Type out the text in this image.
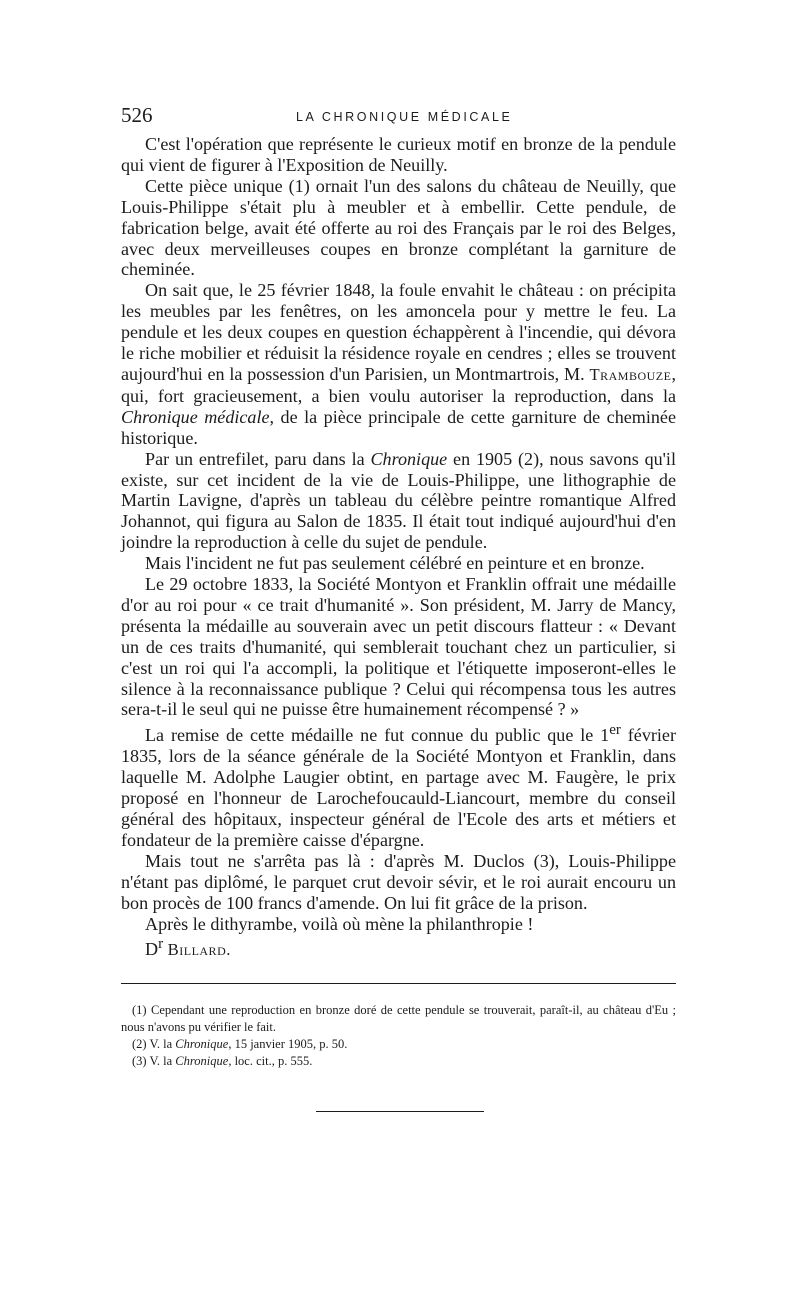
526	LA CHRONIQUE MÉDICALE

C'est l'opération que représente le curieux motif en bronze de la pendule qui vient de figurer à l'Exposition de Neuilly.

Cette pièce unique (1) ornait l'un des salons du château de Neuilly, que Louis-Philippe s'était plu à meubler et à embellir. Cette pendule, de fabrication belge, avait été offerte au roi des Français par le roi des Belges, avec deux merveilleuses coupes en bronze complétant la garniture de cheminée.

On sait que, le 25 février 1848, la foule envahit le château : on précipita les meubles par les fenêtres, on les amoncela pour y mettre le feu. La pendule et les deux coupes en question échappèrent à l'incendie, qui dévora le riche mobilier et réduisit la résidence royale en cendres ; elles se trouvent aujourd'hui en la possession d'un Parisien, un Montmartrois, M. Trambouze, qui, fort gracieusement, a bien voulu autoriser la reproduction, dans la Chronique médicale, de la pièce principale de cette garniture de cheminée historique.

Par un entrefilet, paru dans la Chronique en 1905 (2), nous savons qu'il existe, sur cet incident de la vie de Louis-Philippe, une lithographie de Martin Lavigne, d'après un tableau du célèbre peintre romantique Alfred Johannot, qui figura au Salon de 1835. Il était tout indiqué aujourd'hui d'en joindre la reproduction à celle du sujet de pendule.

Mais l'incident ne fut pas seulement célébré en peinture et en bronze.

Le 29 octobre 1833, la Société Montyon et Franklin offrait une médaille d'or au roi pour « ce trait d'humanité ». Son président, M. Jarry de Mancy, présenta la médaille au souverain avec un petit discours flatteur : « Devant un de ces traits d'humanité, qui semblerait touchant chez un particulier, si c'est un roi qui l'a accompli, la politique et l'étiquette imposeront-elles le silence à la reconnaissance publique ? Celui qui récompensa tous les autres sera-t-il le seul qui ne puisse être humainement récompensé ? »

La remise de cette médaille ne fut connue du public que le 1er février 1835, lors de la séance générale de la Société Montyon et Franklin, dans laquelle M. Adolphe Laugier obtint, en partage avec M. Faugère, le prix proposé en l'honneur de Larochefoucauld-Liancourt, membre du conseil général des hôpitaux, inspecteur général de l'Ecole des arts et métiers et fondateur de la première caisse d'épargne.

Mais tout ne s'arrêta pas là : d'après M. Duclos (3), Louis-Philippe n'étant pas diplômé, le parquet crut devoir sévir, et le roi aurait encouru un bon procès de 100 francs d'amende. On lui fit grâce de la prison.

Après le dithyrambe, voilà où mène la philanthropie !

$D^r$ Billard.

(1) Cependant une reproduction en bronze doré de cette pendule se trouverait, paraît-il, au château d'Eu ; nous n'avons pu vérifier le fait.

(2) V. la Chronique, 15 janvier 1905, p. 50.

(3) V. la Chronique, loc. cit., p. 555.
